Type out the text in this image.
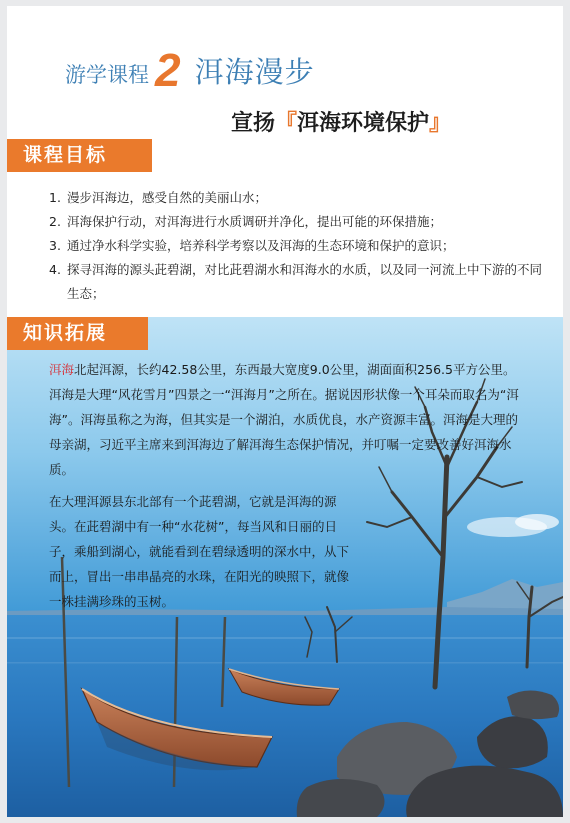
游学课程 2 洱海漫步
宣扬『洱海环境保护』
课程目标
1. 漫步洱海边，感受自然的美丽山水；
2. 洱海保护行动，对洱海进行水质调研并净化，提出可能的环保措施；
3. 通过净水科学实验，培养科学考察以及洱海的生态环境和保护的意识；
4. 探寻洱海的源头茈碧湖，对比茈碧湖水和洱海水的水质，以及同一河流上中下游的不同生态；
知识拓展

洱海北起洱源，长约42.58公里，东西最大宽度9.0公里，湖面面积256.5平方公里。洱海是大理“风花雪月”四景之一“洱海月”之所在。据说因形状像一个耳朵而取名为“洱海”。洱海虽称之为海，但其实是一个湖泊，水质优良，水产资源丰富。洱海是大理的母亲湖，习近平主席来到洱海边了解洱海生态保护情况，并叮嘱一定要改善好洱海水质。

在大理洱源县东北部有一个茈碧湖，它就是洱海的源头。在茈碧湖中有一种“水花树”，每当风和日丽的日子，乘船到湖心，就能看到在碧绿透明的深水中，从下而上，冒出一串串晶亮的水珠，在阳光的映照下，就像一株挂满珍珠的玉树。
